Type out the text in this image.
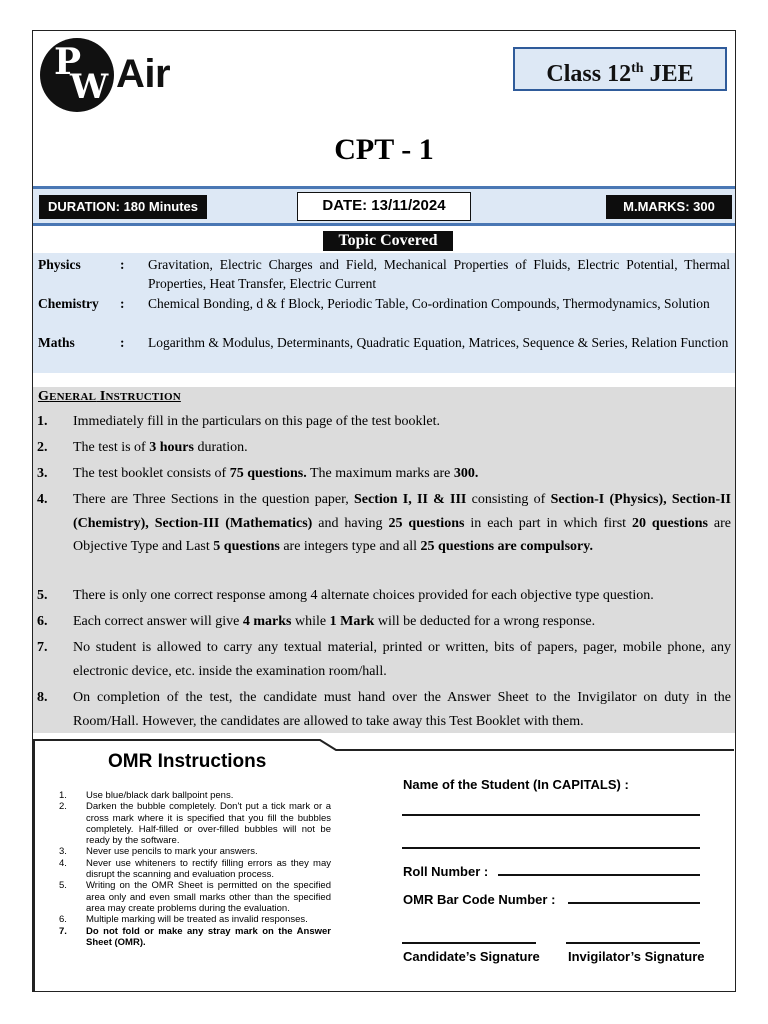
P
W Air	Class 12th JEE
CPT - 1
DURATION: 180 Minutes	DATE: 13/11/2024	M.MARKS: 300
Topic Covered
Physics	: Gravitation, Electric Charges and Field, Mechanical Properties of Fluids, Electric Potential, Thermal Properties, Heat Transfer, Electric Current
Chemistry : Chemical Bonding, d & f Block, Periodic Table, Co-ordination Compounds, Thermodynamics, Solution
Maths	: Logarithm & Modulus, Determinants, Quadratic Equation, Matrices, Sequence & Series, Relation Function
GENERAL INSTRUCTION
1. Immediately fill in the particulars on this page of the test booklet.
2. The test is of 3 hours duration.
3. The test booklet consists of 75 questions. The maximum marks are 300.
4. There are Three Sections in the question paper, Section I, II & III consisting of Section-I (Physics), Section-II (Chemistry), Section-III (Mathematics) and having 25 questions in each part in which first 20 questions are Objective Type and Last 5 questions are integers type and all 25 questions are compulsory.
5. There is only one correct response among 4 alternate choices provided for each objective type question.
6. Each correct answer will give 4 marks while 1 Mark will be deducted for a wrong response.
7. No student is allowed to carry any textual material, printed or written, bits of papers, pager, mobile phone, any electronic device, etc. inside the examination room/hall.
8. On completion of the test, the candidate must hand over the Answer Sheet to the Invigilator on duty in the Room/Hall. However, the candidates are allowed to take away this Test Booklet with them.
OMR Instructions
1. Use blue/black dark ballpoint pens.
2. Darken the bubble completely. Don't put a tick mark or a cross mark where it is specified that you fill the bubbles completely. Half-filled or over-filled bubbles will not be ready by the software.
3. Never use pencils to mark your answers.
4. Never use whiteners to rectify filling errors as they may disrupt the scanning and evaluation process.
5. Writing on the OMR Sheet is permitted on the specified area only and even small marks other than the specified area may create problems during the evaluation.
6. Multiple marking will be treated as invalid responses.
7. Do not fold or make any stray mark on the Answer Sheet (OMR).
Name of the Student (In CAPITALS) :
Roll Number :
OMR Bar Code Number :
Candidate’s Signature Invigilator’s Signature
